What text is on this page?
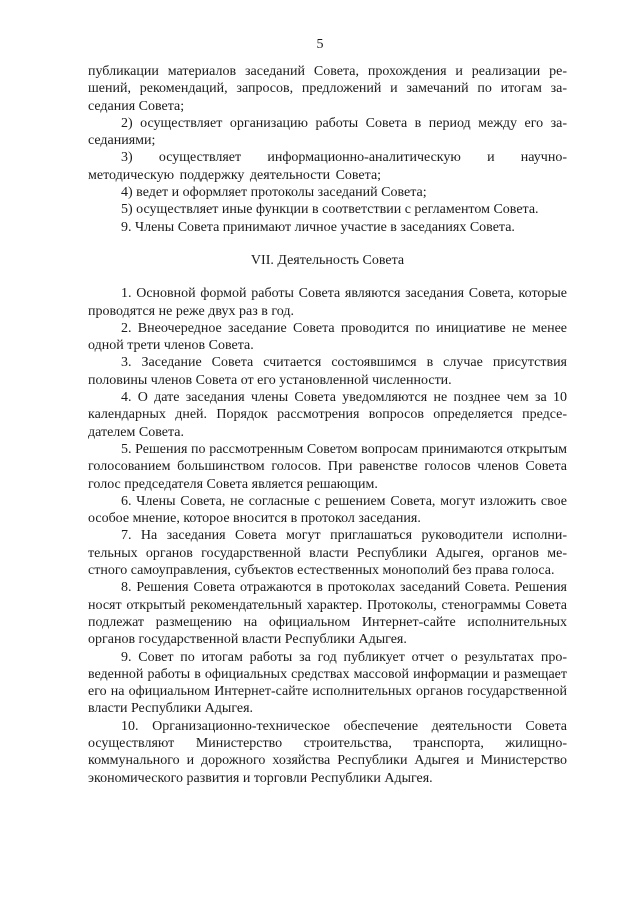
5

публикации материалов заседаний Совета, прохождения и реализации решений, рекомендаций, запросов, предложений и замечаний по итогам заседания Совета;

2) осуществляет организацию работы Совета в период между его заседаниями;

3) осуществляет информационно-аналитическую и научно-методическую поддержку деятельности Совета;

4) ведет и оформляет протоколы заседаний Совета;

5) осуществляет иные функции в соответствии с регламентом Совета.

9. Члены Совета принимают личное участие в заседаниях Совета.

VII. Деятельность Совета

1. Основной формой работы Совета являются заседания Совета, которые проводятся не реже двух раз в год.

2. Внеочередное заседание Совета проводится по инициативе не менее одной трети членов Совета.

3. Заседание Совета считается состоявшимся в случае присутствия половины членов Совета от его установленной численности.

4. О дате заседания члены Совета уведомляются не позднее чем за 10 календарных дней. Порядок рассмотрения вопросов определяется председателем Совета.

5. Решения по рассмотренным Советом вопросам принимаются открытым голосованием большинством голосов. При равенстве голосов членов Совета голос председателя Совета является решающим.

6. Члены Совета, не согласные с решением Совета, могут изложить свое особое мнение, которое вносится в протокол заседания.

7. На заседания Совета могут приглашаться руководители исполнительных органов государственной власти Республики Адыгея, органов местного самоуправления, субъектов естественных монополий без права голоса.

8. Решения Совета отражаются в протоколах заседаний Совета. Решения носят открытый рекомендательный характер. Протоколы, стенограммы Совета подлежат размещению на официальном Интернет-сайте исполнительных органов государственной власти Республики Адыгея.

9. Совет по итогам работы за год публикует отчет о результатах проведенной работы в официальных средствах массовой информации и размещает его на официальном Интернет-сайте исполнительных органов государственной власти Республики Адыгея.

10. Организационно-техническое обеспечение деятельности Совета осуществляют Министерство строительства, транспорта, жилищно-коммунального и дорожного хозяйства Республики Адыгея и Министерство экономического развития и торговли Республики Адыгея.
